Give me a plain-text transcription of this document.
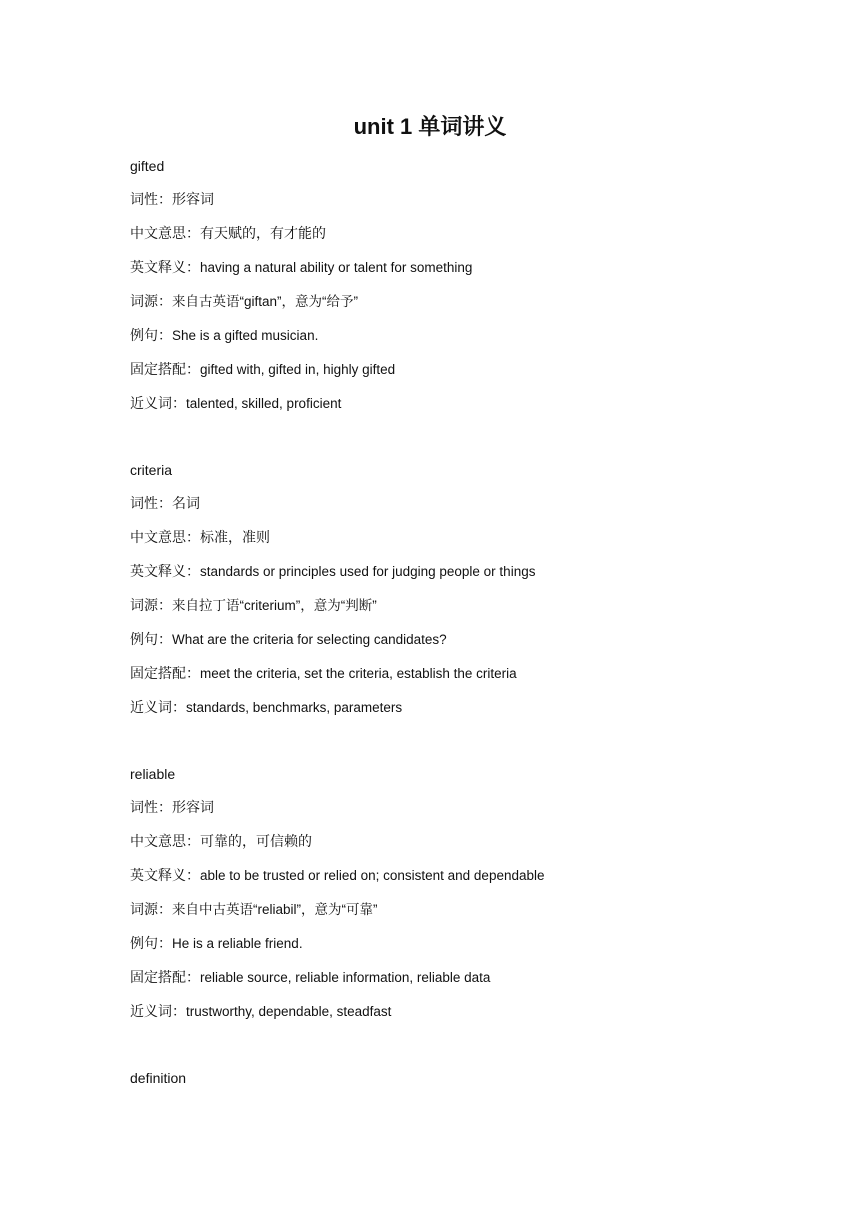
unit 1 单词讲义
gifted
词性：形容词
中文意思：有天赋的，有才能的
英文释义：having a natural ability or talent for something
词源：来自古英语“giftan”，意为“给予”
例句：She is a gifted musician.
固定搭配：gifted with, gifted in, highly gifted
近义词：talented, skilled, proficient
criteria
词性：名词
中文意思：标准，准则
英文释义：standards or principles used for judging people or things
词源：来自拉丁语“criterium”，意为“判断”
例句：What are the criteria for selecting candidates?
固定搭配：meet the criteria, set the criteria, establish the criteria
近义词：standards, benchmarks, parameters
reliable
词性：形容词
中文意思：可靠的，可信赖的
英文释义：able to be trusted or relied on; consistent and dependable
词源：来自中古英语“reliabil”，意为“可靠”
例句：He is a reliable friend.
固定搭配：reliable source, reliable information, reliable data
近义词：trustworthy, dependable, steadfast
definition
